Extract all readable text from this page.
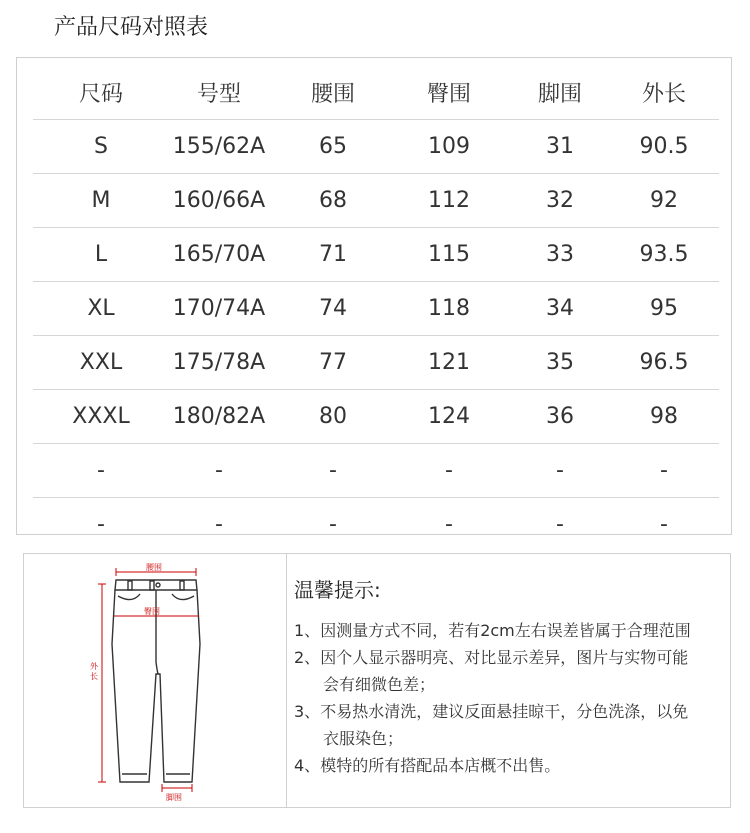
产品尺码对照表
尺码	号型	腰围	臀围	脚围	外长
S	155/62A	65	109	31	90.5
M	160/66A	68	112	32	92
L	165/70A	71	115	33	93.5
XL	170/74A	74	118	34	95
XXL	175/78A	77	121	35	96.5
XXXL	180/82A	80	124	36	98
-	-	-	-	-	-
-	-	-	-	-	-
腰围
臀围
外长
脚围
温馨提示:
1、因测量方式不同，若有2cm左右误差皆属于合理范围
2、因个人显示器明亮、对比显示差异，图片与实物可能
会有细微色差；
3、不易热水清洗，建议反面悬挂晾干，分色洗涤，以免
衣服染色；
4、模特的所有搭配品本店概不出售。
